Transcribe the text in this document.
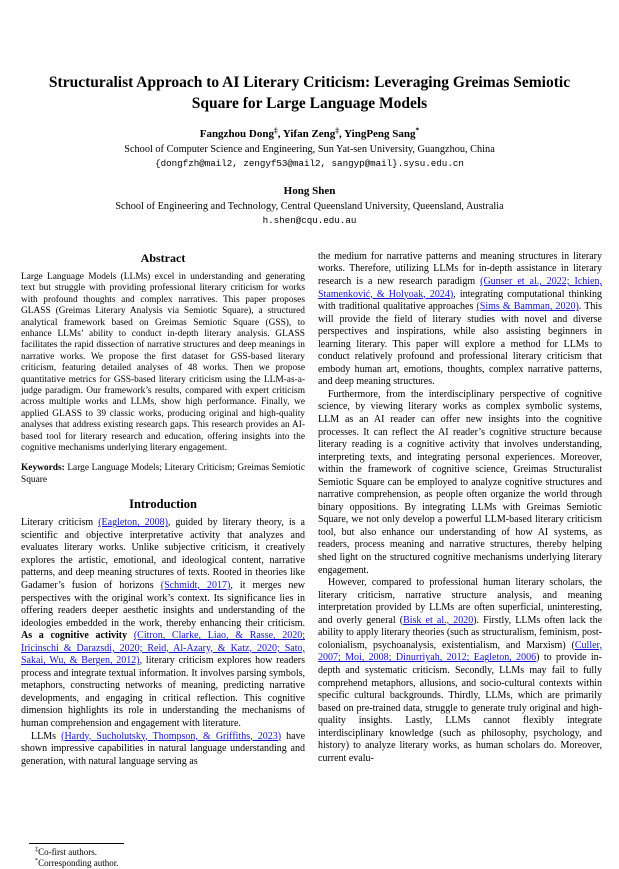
Structuralist Approach to AI Literary Criticism: Leveraging Greimas Semiotic Square for Large Language Models
Fangzhou Dong‡, Yifan Zeng‡, YingPeng Sang*
School of Computer Science and Engineering, Sun Yat-sen University, Guangzhou, China
{dongfzh@mail2, zengyf53@mail2, sangyp@mail}.sysu.edu.cn
Hong Shen
School of Engineering and Technology, Central Queensland University, Queensland, Australia
h.shen@cqu.edu.au
Abstract

Large Language Models (LLMs) excel in understanding and generating text but struggle with providing professional literary criticism for works with profound thoughts and complex narratives. This paper proposes GLASS (Greimas Literary Analysis via Semiotic Square), a structured analytical framework based on Greimas Semiotic Square (GSS), to enhance LLMs’ ability to conduct in-depth literary analysis. GLASS facilitates the rapid dissection of narrative structures and deep meanings in narrative works. We propose the first dataset for GSS-based literary criticism, featuring detailed analyses of 48 works. Then we propose quantitative metrics for GSS-based literary criticism using the LLM-as-a-judge paradigm. Our framework’s results, compared with expert criticism across multiple works and LLMs, show high performance. Finally, we applied GLASS to 39 classic works, producing original and high-quality analyses that address existing research gaps. This research provides an AI-based tool for literary research and education, offering insights into the cognitive mechanisms underlying literary engagement.

Keywords: Large Language Models; Literary Criticism; Greimas Semiotic Square

Introduction

Literary criticism (Eagleton, 2008), guided by literary theory, is a scientific and objective interpretative activity that analyzes and evaluates literary works. Unlike subjective criticism, it creatively explores the artistic, emotional, and ideological content, narrative patterns, and deep meaning structures of texts. Rooted in theories like Gadamer’s fusion of horizons (Schmidt, 2017), it merges new perspectives with the original work’s context. Its significance lies in offering readers deeper aesthetic insights and understanding of the ideologies embedded in the work, thereby enhancing their criticism. As a cognitive activity (Citron, Clarke, Liao, & Rasse, 2020; Iricinschi & Darazsdi, 2020; Reid, Al-Azary, & Katz, 2020; Sato, Sakai, Wu, & Bergen, 2012), literary criticism explores how readers process and integrate textual information. It involves parsing symbols, metaphors, constructing networks of meaning, predicting narrative developments, and engaging in critical reflection. This cognitive dimension highlights its role in understanding the mechanisms of human comprehension and engagement with literature.

LLMs (Hardy, Sucholutsky, Thompson, & Griffiths, 2023) have shown impressive capabilities in natural language understanding and generation, with natural language serving as

‡Co-first authors.

*Corresponding author.

the medium for narrative patterns and meaning structures in literary works. Therefore, utilizing LLMs for in-depth assistance in literary research is a new research paradigm (Gunser et al., 2022; Ichien, Stamenković, & Holyoak, 2024), integrating computational thinking with traditional qualitative approaches (Sims & Bamman, 2020). This will provide the field of literary studies with novel and diverse perspectives and inspirations, while also assisting beginners in learning literary. This paper will explore a method for LLMs to conduct relatively profound and professional literary criticism that embody human art, emotions, thoughts, complex narrative patterns, and deep meaning structures.

Furthermore, from the interdisciplinary perspective of cognitive science, by viewing literary works as complex symbolic systems, LLM as an AI reader can offer new insights into the cognitive processes. It can reflect the AI reader’s cognitive structure because literary reading is a cognitive activity that involves understanding, interpreting texts, and integrating personal experiences. Moreover, within the framework of cognitive science, Greimas Structuralist Semiotic Square can be employed to analyze cognitive structures and narrative comprehension, as people often organize the world through binary oppositions. By integrating LLMs with Greimas Semiotic Square, we not only develop a powerful LLM-based literary criticism tool, but also enhance our understanding of how AI systems, as readers, process meaning and narrative structures, thereby helping shed light on the structured cognitive mechanisms underlying literary engagement.

However, compared to professional human literary scholars, the literary criticism, narrative structure analysis, and meaning interpretation provided by LLMs are often superficial, uninteresting, and overly general (Bisk et al., 2020). Firstly, LLMs often lack the ability to apply literary theories (such as structuralism, feminism, post-colonialism, psychoanalysis, existentialism, and Marxism) (Culler, 2007; Moi, 2008; Dinurriyah, 2012; Eagleton, 2006) to provide in-depth and systematic criticism. Secondly, LLMs may fail to fully comprehend metaphors, allusions, and socio-cultural contexts within specific cultural backgrounds. Thirdly, LLMs, which are primarily based on pre-trained data, struggle to generate truly original and high-quality insights. Lastly, LLMs cannot flexibly integrate interdisciplinary knowledge (such as philosophy, psychology, and history) to analyze literary works, as human scholars do. Moreover, current evalu-
